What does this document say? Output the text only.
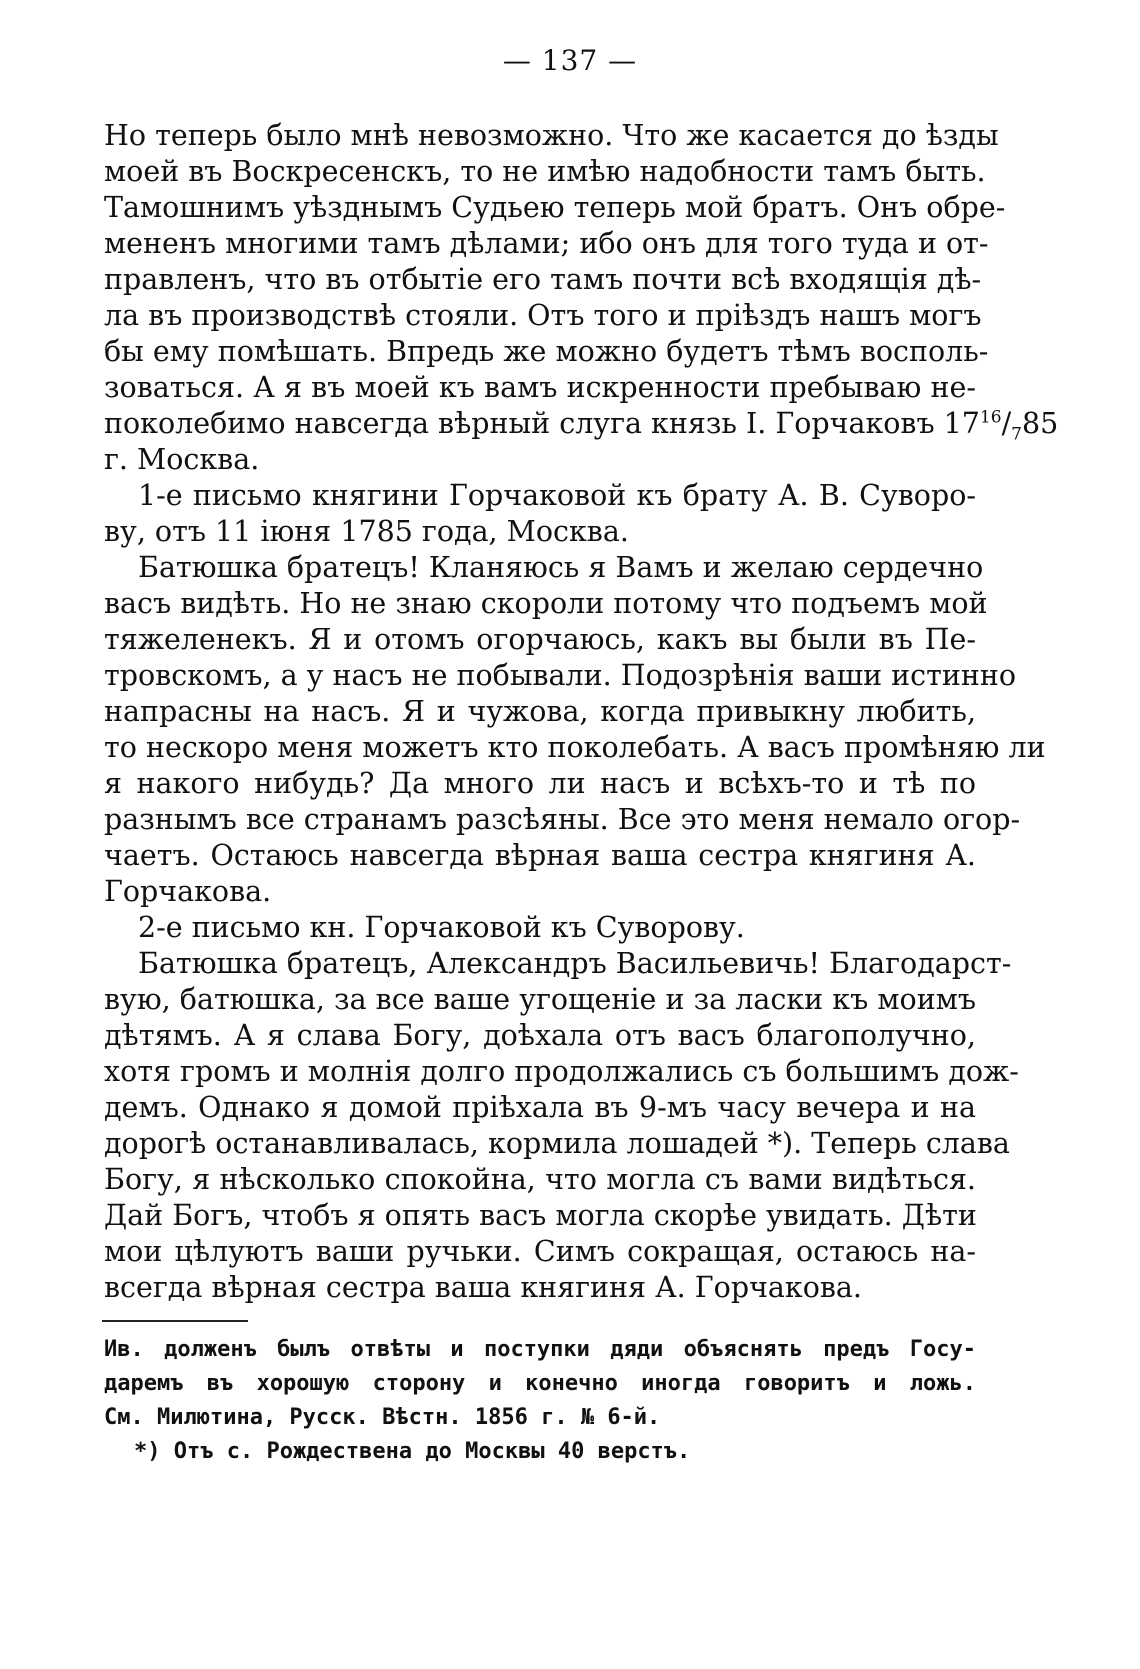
— 137 —
Но теперь было мнѣ невозможно. Что же касается до ѣзды
моей въ Воскресенскъ, то не имѣю надобности тамъ быть.
Тамошнимъ уѣзднымъ Судьею теперь мой братъ. Онъ обре-
мененъ многими тамъ дѣлами; ибо онъ для того туда и от-
правленъ, что въ отбытіе его тамъ почти всѣ входящія дѣ-
ла въ производствѣ стояли. Отъ того и пріѣздъ нашъ могъ
бы ему помѣшать. Впредь же можно будетъ тѣмъ восполь-
зоваться. А я въ моей къ вамъ искренности пребываю не-
поколебимо навсегда вѣрный слуга князь I. Горчаковъ $17^{16}/_785$
г. Москва.
1-е письмо княгини Горчаковой къ брату А. В. Суворо-
ву, отъ 11 іюня 1785 года, Москва.
Батюшка братецъ! Кланяюсь я Вамъ и желаю сердечно
васъ видѣть. Но не знаю скороли потому что подъемъ мой
тяжеленекъ. Я и отомъ огорчаюсь, какъ вы были въ Пе-
тровскомъ, а у насъ не побывали. Подозрѣнія ваши истинно
напрасны на насъ. Я и чужова, когда привыкну любить,
то нескоро меня можетъ кто поколебать. А васъ промѣняю ли
я накого нибудь? Да много ли насъ и всѣхъ-то и тѣ по
разнымъ все странамъ разсѣяны. Все это меня немало огор-
чаетъ. Остаюсь навсегда вѣрная ваша сестра княгиня А.
Горчакова.
2-е письмо кн. Горчаковой къ Суворову.
Батюшка братецъ, Александръ Васильевичь! Благодарст-
вую, батюшка, за все ваше угощеніе и за ласки къ моимъ
дѣтямъ. А я слава Богу, доѣхала отъ васъ благополучно,
хотя громъ и молнія долго продолжались съ большимъ дож-
демъ. Однако я домой пріѣхала въ 9-мъ часу вечера и на
дорогѣ останавливалась, кормила лошадей *). Теперь слава
Богу, я нѣсколько спокойна, что могла съ вами видѣться.
Дай Богъ, чтобъ я опять васъ могла скорѣе увидать. Дѣти
мои цѣлуютъ ваши ручьки. Симъ сокращая, остаюсь на-
всегда вѣрная сестра ваша княгиня А. Горчакова.
Ив. долженъ былъ отвѣты и поступки дяди объяснять предъ Госу-
даремъ въ хорошую сторону и конечно иногда говоритъ и ложь.
См. Милютина, Русск. Вѣстн. 1856 г. № 6-й.
*) Отъ с. Рождествена до Москвы 40 верстъ.
